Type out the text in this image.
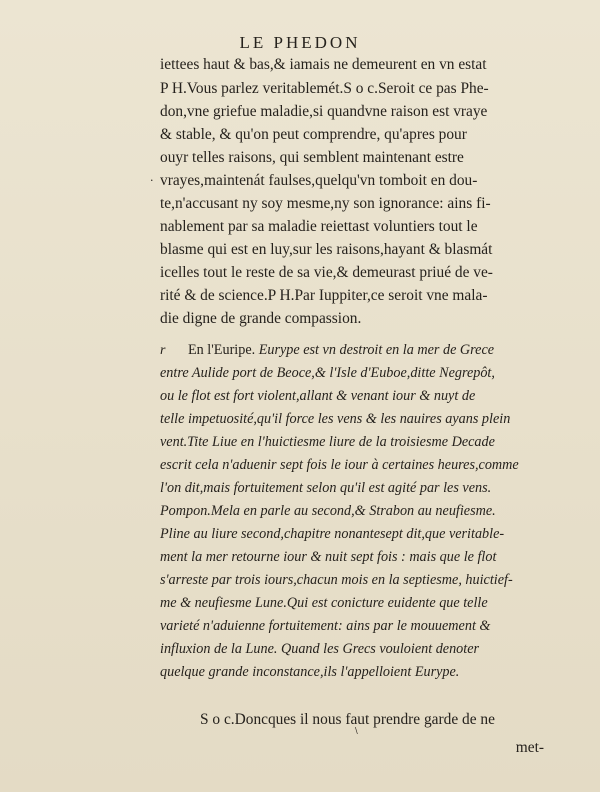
LE PHEDON
.
iettees haut & bas,& iamais ne demeurent en vn estat
P H.Vous parlez veritablemét.S o c.Seroit ce pas Phe-
don,vne griefue maladie,si quandvne raison est vraye
& stable, & qu'on peut comprendre, qu'apres pour
ouyr telles raisons, qui semblent maintenant estre
vrayes,maintenát faulses,quelqu'vn tomboit en dou-
te,n'accusant ny soy mesme,ny son ignorance: ains fi-
nablement par sa maladie reiettast voluntiers tout le
blasme qui est en luy,sur les raisons,hayant & blasmát
icelles tout le reste de sa vie,& demeurast priué de ve-
rité & de science.P H.Par Iuppiter,ce seroit vne mala-
die digne de grande compassion.
r En l'Euripe. Eurype est vn destroit en la mer de Grece
entre Aulide port de Beoce,& l'Isle d'Euboe,ditte Negrepôt,
ou le flot est fort violent,allant & venant iour & nuyt de
telle impetuosité,qu'il force les vens & les nauires ayans plein
vent.Tite Liue en l'huictiesme liure de la troisiesme Decade
escrit cela n'aduenir sept fois le iour à certaines heures,comme
l'on dit,mais fortuitement selon qu'il est agité par les vens.
Pompon.Mela en parle au second,& Strabon au neufiesme.
Pline au liure second,chapitre nonantesept dit,que veritable-
ment la mer retourne iour & nuit sept fois : mais que le flot
s'arreste par trois iours,chacun mois en la septiesme, huictief-
me & neufiesme Lune.Qui est conicture euidente que telle
varieté n'aduienne fortuitement: ains par le mouuement &
influxion de la Lune. Quand les Grecs vouloient denoter
quelque grande inconstance,ils l'appelloient Eurype.
S o c.Doncques il nous faut prendre garde de ne
\
met-
